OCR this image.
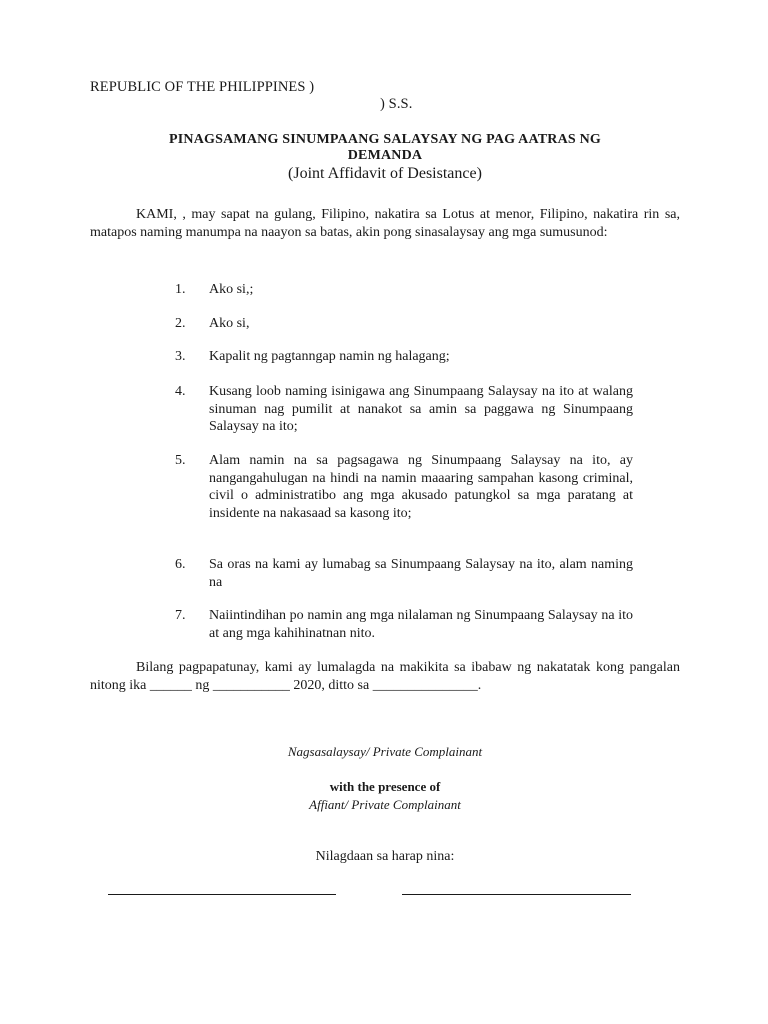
REPUBLIC OF THE PHILIPPINES )
) S.S.
PINAGSAMANG SINUMPAANG SALAYSAY NG PAG AATRAS NG
DEMANDA
(Joint Affidavit of Desistance)
KAMI, , may sapat na gulang, Filipino, nakatira sa Lotus at menor, Filipino, nakatira rin sa, matapos naming manumpa na naayon sa batas, akin pong sinasalaysay ang mga sumusunod:
1.	Ako si,;
2.	Ako si,
3.	Kapalit ng pagtanngap namin ng halagang;
4.	Kusang loob naming isinigawa ang Sinumpaang Salaysay na ito at walang sinuman nag pumilit at nanakot sa amin sa paggawa ng Sinumpaang Salaysay na ito;
5.	Alam namin na sa pagsagawa ng Sinumpaang Salaysay na ito, ay nangangahulugan na hindi na namin maaaring sampahan kasong criminal, civil o administratibo ang mga akusado patungkol sa mga paratang at insidente na nakasaad sa kasong ito;
6.	Sa oras na kami ay lumabag sa Sinumpaang Salaysay na ito, alam naming na
7.	Naiintindihan po namin ang mga nilalaman ng Sinumpaang Salaysay na ito at ang mga kahihinatnan nito.
Bilang pagpapatunay, kami ay lumalagda na makikita sa ibabaw ng nakatatak kong pangalan nitong ika ______ ng ___________ 2020, ditto sa _______________.
Nagsasalaysay/ Private Complainant
with the presence of
Affiant/ Private Complainant
Nilagdaan sa harap nina:
